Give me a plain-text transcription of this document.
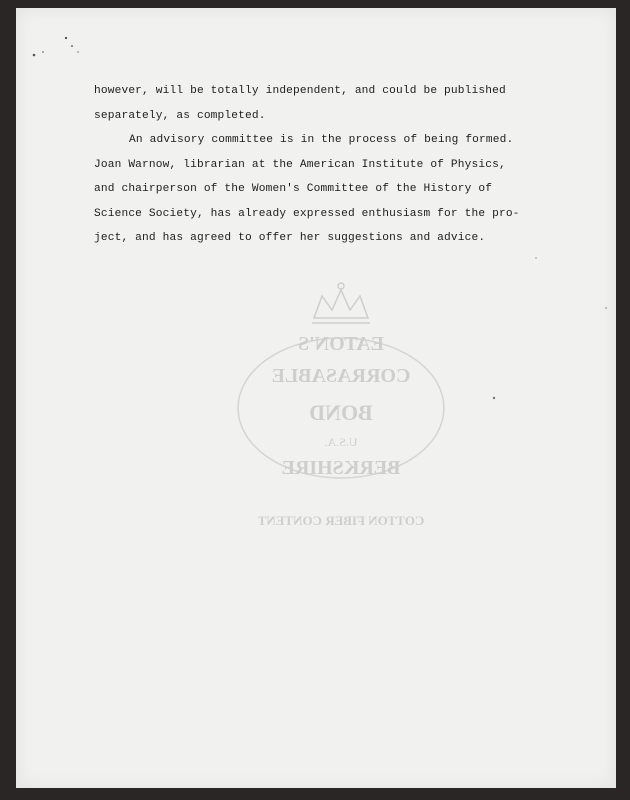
however, will be totally independent, and could be published
separately, as completed.
An advisory committee is in the process of being formed.
Joan Warnow, librarian at the American Institute of Physics,
and chairperson of the Women's Committee of the History of
Science Society, has already expressed enthusiasm for the pro-
ject, and has agreed to offer her suggestions and advice.
EATON'S
CORRASABLE
BOND
U.S.A.
BERKSHIRE
COTTON FIBER CONTENT
